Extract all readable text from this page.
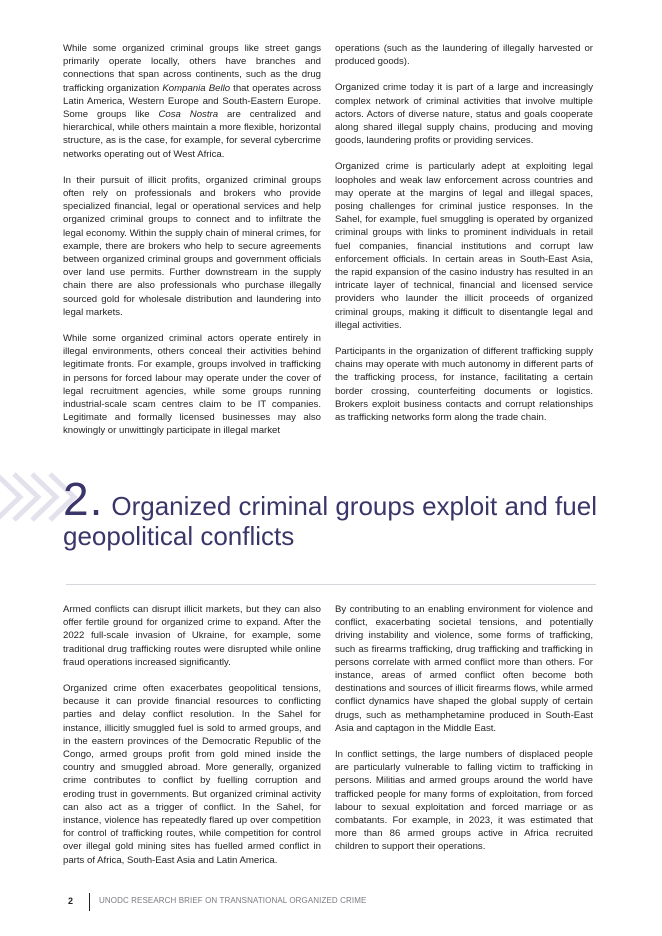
While some organized criminal groups like street gangs primarily operate locally, others have branches and connections that span across continents, such as the drug trafficking organization Kompania Bello that operates across Latin America, Western Europe and South-Eastern Europe. Some groups like Cosa Nostra are centralized and hierarchical, while others maintain a more flexible, horizontal structure, as is the case, for example, for several cybercrime networks operating out of West Africa.

In their pursuit of illicit profits, organized criminal groups often rely on professionals and brokers who provide specialized financial, legal or operational services and help organized criminal groups to connect and to infiltrate the legal economy. Within the supply chain of mineral crimes, for example, there are brokers who help to secure agreements between organized criminal groups and government officials over land use permits. Further downstream in the supply chain there are also professionals who purchase illegally sourced gold for wholesale distribution and laundering into legal markets.

While some organized criminal actors operate entirely in illegal environments, others conceal their activities behind legitimate fronts. For example, groups involved in trafficking in persons for forced labour may operate under the cover of legal recruitment agencies, while some groups running industrial-scale scam centres claim to be IT companies. Legitimate and formally licensed businesses may also knowingly or unwittingly participate in illegal market

operations (such as the laundering of illegally harvested or produced goods).

Organized crime today it is part of a large and increasingly complex network of criminal activities that involve multiple actors. Actors of diverse nature, status and goals cooperate along shared illegal supply chains, producing and moving goods, laundering profits or providing services.

Organized crime is particularly adept at exploiting legal loopholes and weak law enforcement across countries and may operate at the margins of legal and illegal spaces, posing challenges for criminal justice responses. In the Sahel, for example, fuel smuggling is operated by organized criminal groups with links to prominent individuals in retail fuel companies, financial institutions and corrupt law enforcement officials. In certain areas in South-East Asia, the rapid expansion of the casino industry has resulted in an intricate layer of technical, financial and licensed service providers who launder the illicit proceeds of organized criminal groups, making it difficult to disentangle legal and illegal activities.

Participants in the organization of different trafficking supply chains may operate with much autonomy in different parts of the trafficking process, for instance, facilitating a certain border crossing, counterfeiting documents or logistics. Brokers exploit business contacts and corrupt relationships as trafficking networks form along the trade chain.

2. Organized criminal groups exploit and fuel geopolitical conflicts

Armed conflicts can disrupt illicit markets, but they can also offer fertile ground for organized crime to expand. After the 2022 full-scale invasion of Ukraine, for example, some traditional drug trafficking routes were disrupted while online fraud operations increased significantly.

Organized crime often exacerbates geopolitical tensions, because it can provide financial resources to conflicting parties and delay conflict resolution. In the Sahel for instance, illicitly smuggled fuel is sold to armed groups, and in the eastern provinces of the Democratic Republic of the Congo, armed groups profit from gold mined inside the country and smuggled abroad. More generally, organized crime contributes to conflict by fuelling corruption and eroding trust in governments. But organized criminal activity can also act as a trigger of conflict. In the Sahel, for instance, violence has repeatedly flared up over competition for control of trafficking routes, while competition for control over illegal gold mining sites has fuelled armed conflict in parts of Africa, South-East Asia and Latin America.

By contributing to an enabling environment for violence and conflict, exacerbating societal tensions, and potentially driving instability and violence, some forms of trafficking, such as firearms trafficking, drug trafficking and trafficking in persons correlate with armed conflict more than others. For instance, areas of armed conflict often become both destinations and sources of illicit firearms flows, while armed conflict dynamics have shaped the global supply of certain drugs, such as methamphetamine produced in South-East Asia and captagon in the Middle East.

In conflict settings, the large numbers of displaced people are particularly vulnerable to falling victim to trafficking in persons. Militias and armed groups around the world have trafficked people for many forms of exploitation, from forced labour to sexual exploitation and forced marriage or as combatants. For example, in 2023, it was estimated that more than 86 armed groups active in Africa recruited children to support their operations.

2	UNODC RESEARCH BRIEF ON TRANSNATIONAL ORGANIZED CRIME
